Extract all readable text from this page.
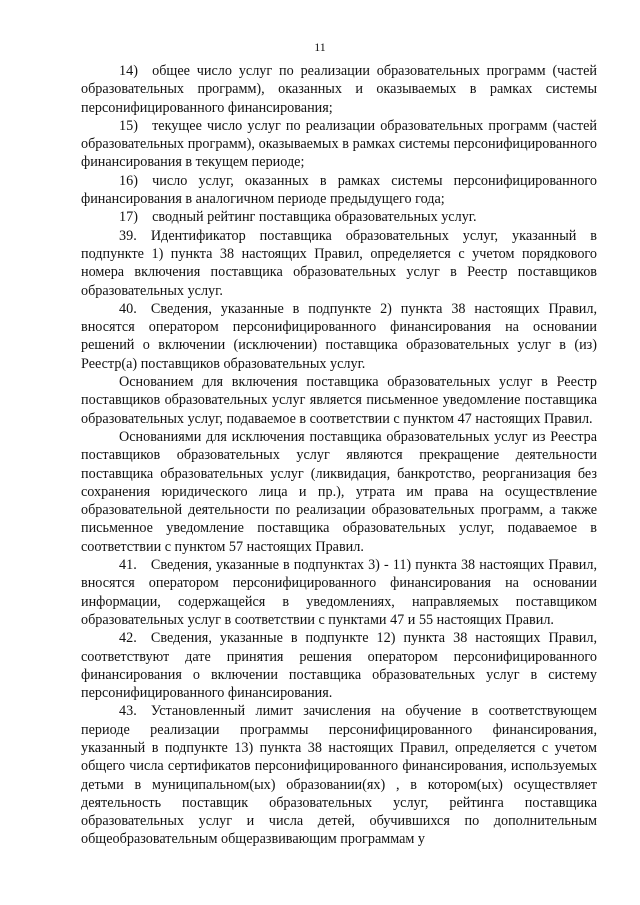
11

14) общее число услуг по реализации образовательных программ (частей образовательных программ), оказанных и оказываемых в рамках системы персонифицированного финансирования;

15) текущее число услуг по реализации образовательных программ (частей образовательных программ), оказываемых в рамках системы персонифицированного финансирования в текущем периоде;

16) число услуг, оказанных в рамках системы персонифицированного финансирования в аналогичном периоде предыдущего года;

17) сводный рейтинг поставщика образовательных услуг.

39. Идентификатор поставщика образовательных услуг, указанный в подпункте 1) пункта 38 настоящих Правил, определяется с учетом порядкового номера включения поставщика образовательных услуг в Реестр поставщиков образовательных услуг.

40. Сведения, указанные в подпункте 2) пункта 38 настоящих Правил, вносятся оператором персонифицированного финансирования на основании решений о включении (исключении) поставщика образовательных услуг в (из) Реестр(а) поставщиков образовательных услуг.

Основанием для включения поставщика образовательных услуг в Реестр поставщиков образовательных услуг является письменное уведомление поставщика образовательных услуг, подаваемое в соответствии с пунктом 47 настоящих Правил.

Основаниями для исключения поставщика образовательных услуг из Реестра поставщиков образовательных услуг являются прекращение деятельности поставщика образовательных услуг (ликвидация, банкротство, реорганизация без сохранения юридического лица и пр.), утрата им права на осуществление образовательной деятельности по реализации образовательных программ, а также письменное уведомление поставщика образовательных услуг, подаваемое в соответствии с пунктом 57 настоящих Правил.

41. Сведения, указанные в подпунктах 3) - 11) пункта 38 настоящих Правил, вносятся оператором персонифицированного финансирования на основании информации, содержащейся в уведомлениях, направляемых поставщиком образовательных услуг в соответствии с пунктами 47 и 55 настоящих Правил.

42. Сведения, указанные в подпункте 12) пункта 38 настоящих Правил, соответствуют дате принятия решения оператором персонифицированного финансирования о включении поставщика образовательных услуг в систему персонифицированного финансирования.

43. Установленный лимит зачисления на обучение в соответствующем периоде реализации программы персонифицированного финансирования, указанный в подпункте 13) пункта 38 настоящих Правил, определяется с учетом общего числа сертификатов персонифицированного финансирования, используемых детьми в муниципальном(ых) образовании(ях) , в котором(ых) осуществляет деятельность поставщик образовательных услуг, рейтинга поставщика образовательных услуг и числа детей, обучившихся по дополнительным общеобразовательным общеразвивающим программам у
